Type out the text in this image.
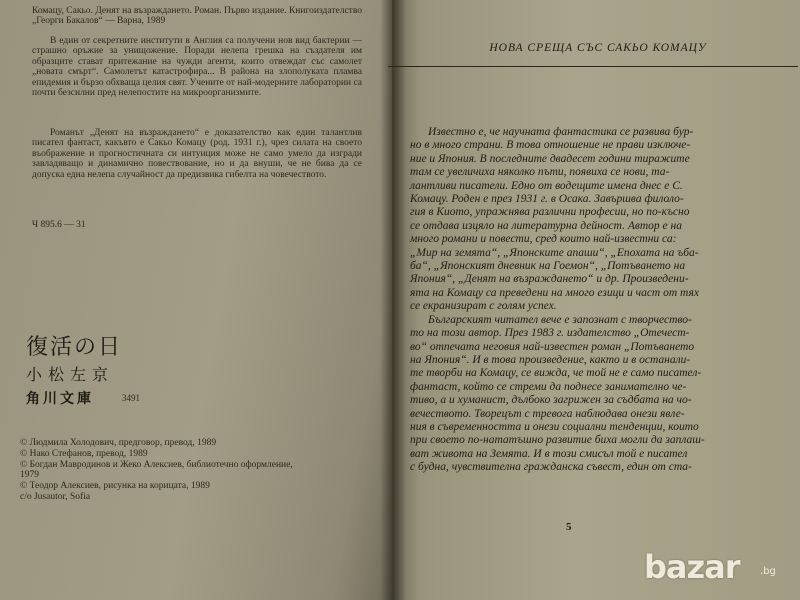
Комацу, Сакьо. Денят на възраждането. Роман. Първо издание. Книгоиздателство „Георги Бакалов“ — Варна, 1989

В един от секретните институти в Англия са получени нов вид бактерии — страшно оръжие за унищожение. Поради нелепа грешка на създателя им образците стават притежание на чужди агенти, които отвеждат със самолет „новата смърт“. Самолетът катастрофира... В района на злополуката пламва епидемия и бързо обхваща целия свят. Учените от най-модерните лаборатории са почти безсилни пред нелепостите на микроорганизмите.

Романът „Денят на възраждането“ е доказателство как един талантлив писател фантаст, какъвто е Сакьо Комацу (род. 1931 г.), чрез силата на своето въображение и прогностичната си интуиция може не само умело да изгради завладяващо и динамично повествование, но и да внуши, че не бива да се допуска една нелепа случайност да предизвика гибелта на човечеството.

Ч 895.6 — 31
復活の日
小松左京
角川文庫	3491
© Людмила Холодович, предговор, превод, 1989
© Нако Стефанов, превод, 1989
© Богдан Мавродинов и Жеко Алексиев, библиотечно оформление,
1979
© Теодор Алексиев, рисунка на корицата, 1989
c/o Jusautor, Sofia
НОВА СРЕЩА СЪС САКЬО КОМАЦУ
Известно е, че научната фантастика се развива бур-
но в много страни. В това отношение не прави изключе-
ние и Япония. В последните двадесет години тиражите
там се увеличиха няколко пъти, появиха се нови, та-
лантливи писатели. Едно от водещите имена днес е С.
Комацу. Роден е през 1931 г. в Осака. Завършва филоло-
гия в Киото, упражнява различни професии, но по-късно
се отдава изцяло на литературна дейност. Автор е на
много романи и повести, сред които най-известни са:
„Мир на земята“, „Японските апаши“, „Епохата на ъба-
ба“, „Японският дневник на Гоемон“, „Потъването на
Япония“, „Денят на възраждането“ и др. Произведени-
ята на Комацу са преведени на много езици и част от тях
се екранизират с голям успех.
Българският читател вече е запознат с творчество-
то на този автор. През 1983 г. издателство „Отечест-
во“ отпечата неговия най-известен роман „Потъването
на Япония“. И в това произведение, както и в останали-
те творби на Комацу, се вижда, че той не е само писател-
фантаст, който се стреми да поднесе занимателно че-
тиво, а и хуманист, дълбоко загрижен за съдбата на чо-
вечеството. Творецът с тревога наблюдава онези явле-
ния в съвременността и онези социални тенденции, които
при своето по-нататъшно развитие биха могли да заплаш-
ват живота на Земята. И в този смисъл той е писател
с будна, чувствителна гражданска съвест, един от ста-
5
bazar .bg
